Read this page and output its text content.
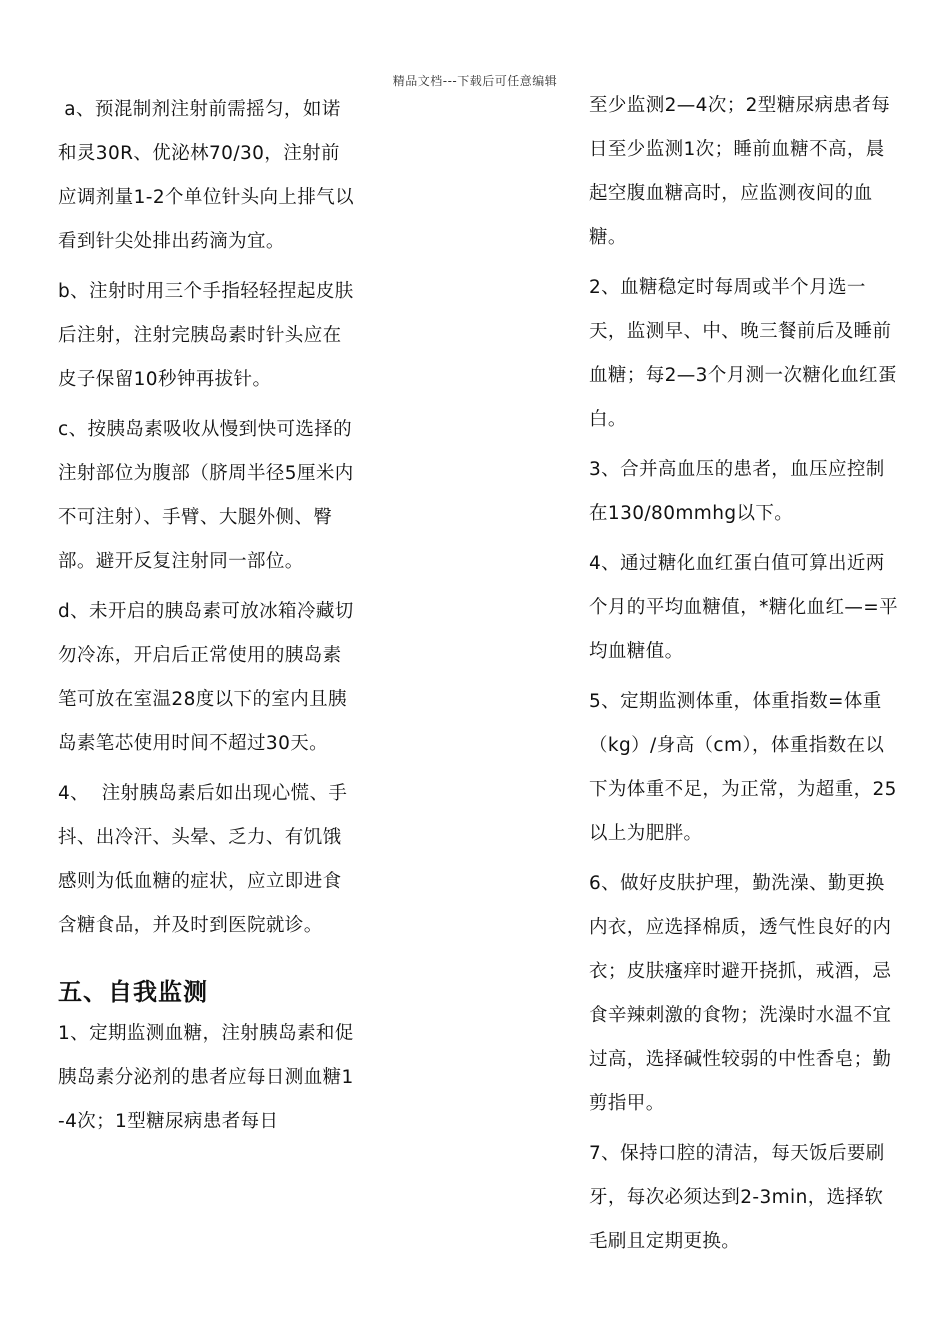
精品文档---下载后可任意编辑

a、预混制剂注射前需摇匀，如诺和灵30R、优泌林70/30，注射前应调剂量1-2个单位针头向上排气以看到针尖处排出药滴为宜。

b、注射时用三个手指轻轻捏起皮肤后注射，注射完胰岛素时针头应在皮子保留10秒钟再拔针。

c、按胰岛素吸收从慢到快可选择的注射部位为腹部（脐周半径5厘米内不可注射）、手臂、大腿外侧、臀部。避开反复注射同一部位。

d、未开启的胰岛素可放冰箱冷藏切勿冷冻，开启后正常使用的胰岛素笔可放在室温28度以下的室内且胰岛素笔芯使用时间不超过30天。

4、  注射胰岛素后如出现心慌、手抖、出冷汗、头晕、乏力、有饥饿感则为低血糖的症状，应立即进食含糖食品，并及时到医院就诊。

五、自我监测

1、定期监测血糖，注射胰岛素和促胰岛素分泌剂的患者应每日测血糖1-4次；1型糖尿病患者每日

至少监测2—4次；2型糖尿病患者每日至少监测1次；睡前血糖不高，晨起空腹血糖高时，应监测夜间的血糖。

2、血糖稳定时每周或半个月选一天，监测早、中、晚三餐前后及睡前血糖；每2—3个月测一次糖化血红蛋白。

3、合并高血压的患者，血压应控制在130/80mmhg以下。

4、通过糖化血红蛋白值可算出近两个月的平均血糖值，*糖化血红—=平均血糖值。

5、定期监测体重，体重指数=体重（kg）/身高（cm），体重指数在以下为体重不足，为正常，为超重，25以上为肥胖。

6、做好皮肤护理，勤洗澡、勤更换内衣，应选择棉质，透气性良好的内衣；皮肤瘙痒时避开挠抓，戒酒，忌食辛辣刺激的食物；洗澡时水温不宜过高，选择碱性较弱的中性香皂；勤剪指甲。

7、保持口腔的清洁，每天饭后要刷牙，每次必须达到2-3min，选择软毛刷且定期更换。
